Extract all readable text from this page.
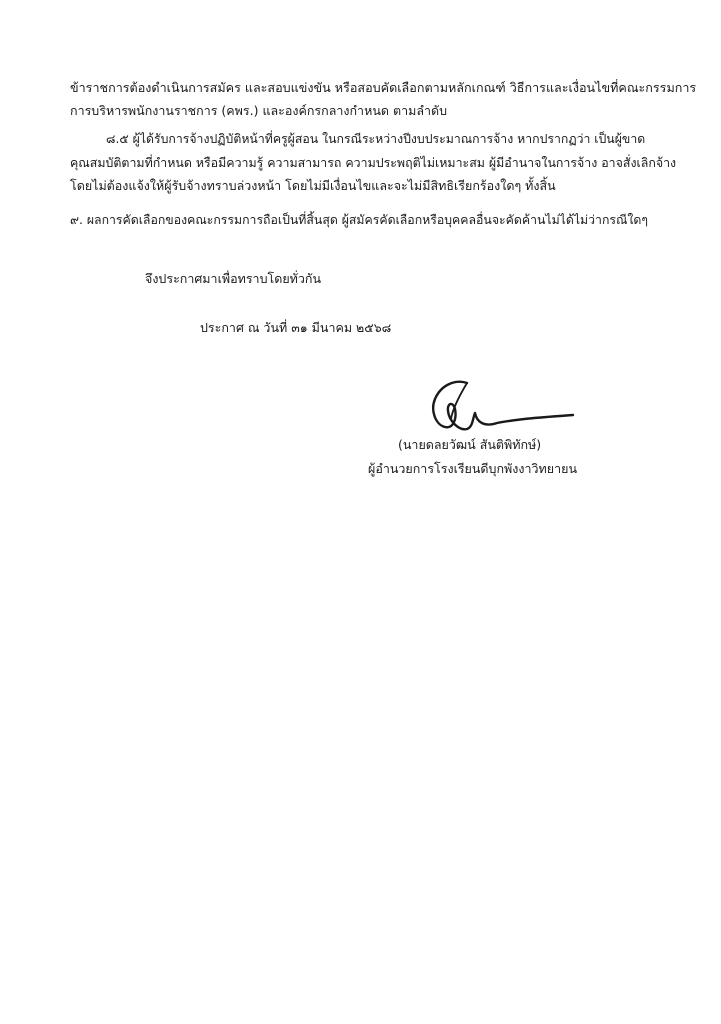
ข้าราชการต้องดำเนินการสมัคร และสอบแข่งขัน หรือสอบคัดเลือกตามหลักเกณฑ์ วิธีการและเงื่อนไขที่คณะกรรมการ
การบริหารพนักงานราชการ (คพร.) และองค์กรกลางกำหนด ตามลำดับ
๘.๕ ผู้ได้รับการจ้างปฏิบัติหน้าที่ครูผู้สอน ในกรณีระหว่างปีงบประมาณการจ้าง หากปรากฏว่า เป็นผู้ขาด
คุณสมบัติตามที่กำหนด หรือมีความรู้ ความสามารถ ความประพฤติไม่เหมาะสม ผู้มีอำนาจในการจ้าง อาจสั่งเลิกจ้าง
โดยไม่ต้องแจ้งให้ผู้รับจ้างทราบล่วงหน้า โดยไม่มีเงื่อนไขและจะไม่มีสิทธิเรียกร้องใดๆ ทั้งสิ้น
๙. ผลการคัดเลือกของคณะกรรมการถือเป็นที่สิ้นสุด ผู้สมัครคัดเลือกหรือบุคคลอื่นจะคัดค้านไม่ได้ไม่ว่ากรณีใดๆ
จึงประกาศมาเพื่อทราบโดยทั่วกัน
ประกาศ ณ วันที่ ๓๑ มีนาคม ๒๕๖๘
(นายดลยวัฒน์ สันติพิทักษ์)
ผู้อำนวยการโรงเรียนดีบุกพังงาวิทยายน
